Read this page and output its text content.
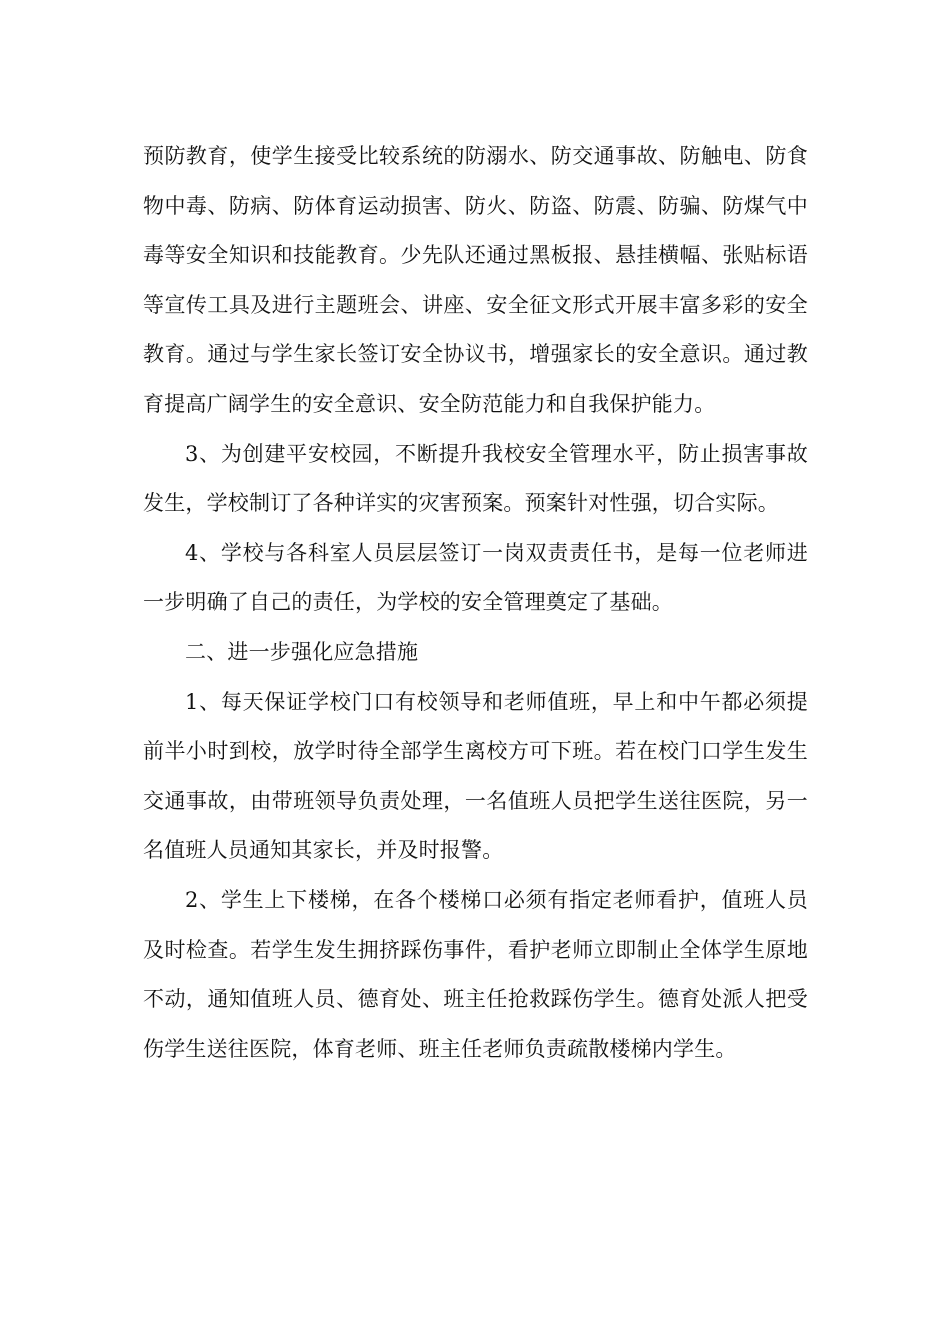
预防教育，使学生接受比较系统的防溺水、防交通事故、防触电、防食物中毒、防病、防体育运动损害、防火、防盗、防震、防骗、防煤气中毒等安全知识和技能教育。少先队还通过黑板报、悬挂横幅、张贴标语等宣传工具及进行主题班会、讲座、安全征文形式开展丰富多彩的安全教育。通过与学生家长签订安全协议书，增强家长的安全意识。通过教育提高广阔学生的安全意识、安全防范能力和自我保护能力。

3、为创建平安校园，不断提升我校安全管理水平，防止损害事故发生，学校制订了各种详实的灾害预案。预案针对性强，切合实际。

4、学校与各科室人员层层签订一岗双责责任书，是每一位老师进一步明确了自己的责任，为学校的安全管理奠定了基础。

二、进一步强化应急措施

1、每天保证学校门口有校领导和老师值班，早上和中午都必须提前半小时到校，放学时待全部学生离校方可下班。若在校门口学生发生交通事故，由带班领导负责处理，一名值班人员把学生送往医院，另一名值班人员通知其家长，并及时报警。

2、学生上下楼梯，在各个楼梯口必须有指定老师看护，值班人员及时检查。若学生发生拥挤踩伤事件，看护老师立即制止全体学生原地不动，通知值班人员、德育处、班主任抢救踩伤学生。德育处派人把受伤学生送往医院，体育老师、班主任老师负责疏散楼梯内学生。
